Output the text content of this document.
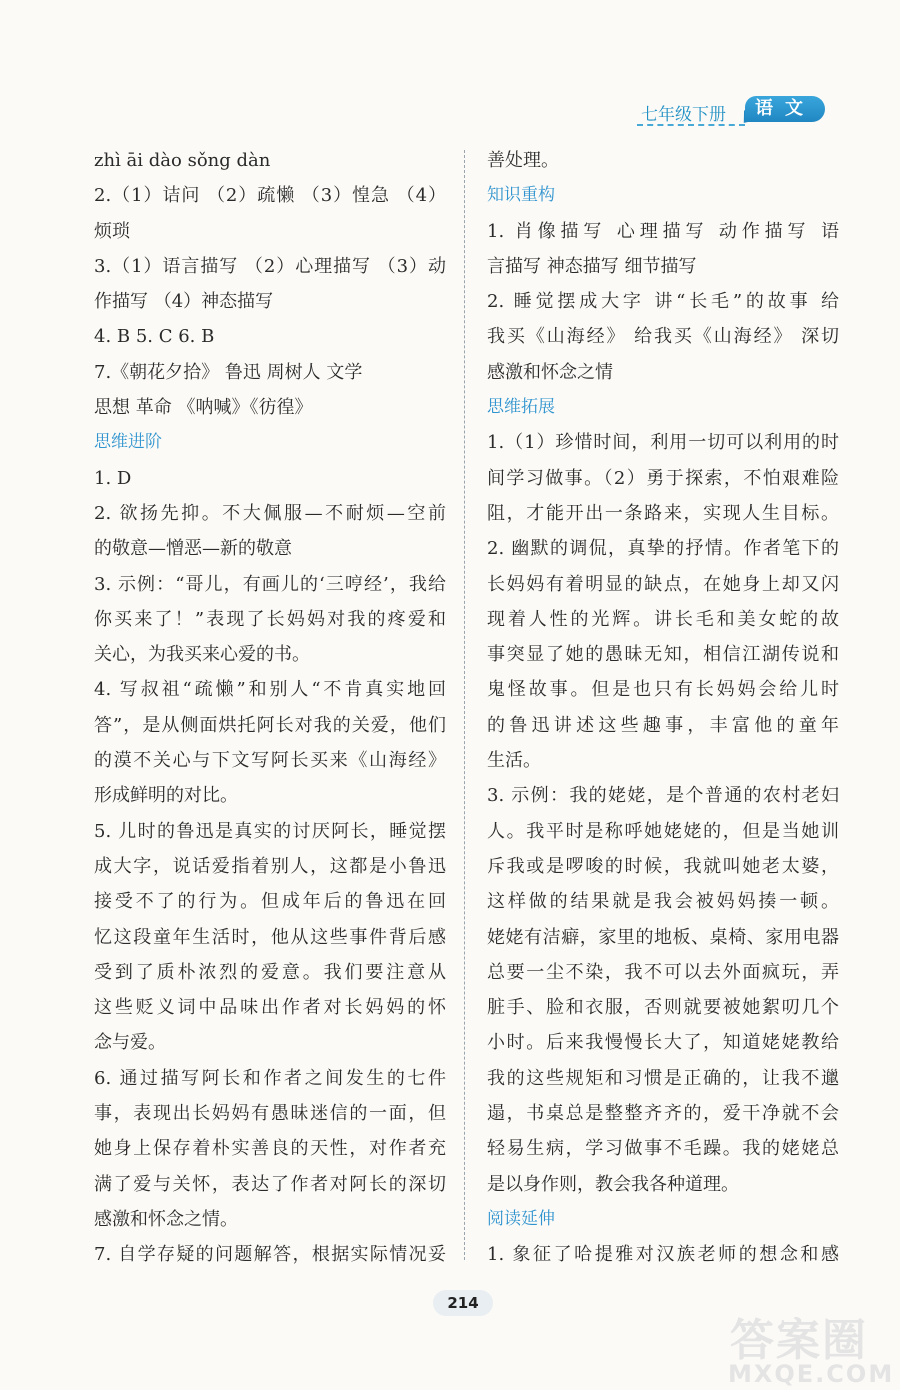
七年级下册	语文
zhì āi dào sǒng dàn
2.（1）诘问 （2）疏懒 （3）惶急 （4）
烦琐
3.（1）语言描写 （2）心理描写 （3）动
作描写 （4）神态描写
4. B 5. C 6. B
7.《朝花夕拾》 鲁迅 周树人 文学
思想 革命 《呐喊》《彷徨》
思维进阶
1. D
2. 欲扬先抑。不大佩服—不耐烦—空前
的敬意—憎恶—新的敬意
3. 示例：“哥儿，有画儿的‘三哼经’，我给
你买来了！”表现了长妈妈对我的疼爱和
关心，为我买来心爱的书。
4. 写叔祖“疏懒”和别人“不肯真实地回
答”，是从侧面烘托阿长对我的关爱，他们
的漠不关心与下文写阿长买来《山海经》
形成鲜明的对比。
5. 儿时的鲁迅是真实的讨厌阿长，睡觉摆
成大字，说话爱指着别人，这都是小鲁迅
接受不了的行为。但成年后的鲁迅在回
忆这段童年生活时，他从这些事件背后感
受到了质朴浓烈的爱意。我们要注意从
这些贬义词中品味出作者对长妈妈的怀
念与爱。
6. 通过描写阿长和作者之间发生的七件
事，表现出长妈妈有愚昧迷信的一面，但
她身上保存着朴实善良的天性，对作者充
满了爱与关怀，表达了作者对阿长的深切
感激和怀念之情。
7. 自学存疑的问题解答，根据实际情况妥
善处理。
知识重构
1. 肖像描写 心理描写 动作描写 语
言描写 神态描写 细节描写
2. 睡觉摆成大字 讲“长毛”的故事 给
我买《山海经》 给我买《山海经》 深切
感激和怀念之情
思维拓展
1.（1）珍惜时间，利用一切可以利用的时
间学习做事。（2）勇于探索，不怕艰难险
阻，才能开出一条路来，实现人生目标。
2. 幽默的调侃，真挚的抒情。作者笔下的
长妈妈有着明显的缺点，在她身上却又闪
现着人性的光辉。讲长毛和美女蛇的故
事突显了她的愚昧无知，相信江湖传说和
鬼怪故事。但是也只有长妈妈会给儿时
的鲁迅讲述这些趣事，丰富他的童年
生活。
3. 示例：我的姥姥，是个普通的农村老妇
人。我平时是称呼她姥姥的，但是当她训
斥我或是啰唆的时候，我就叫她老太婆，
这样做的结果就是我会被妈妈揍一顿。
姥姥有洁癖，家里的地板、桌椅、家用电器
总要一尘不染，我不可以去外面疯玩，弄
脏手、脸和衣服，否则就要被她絮叨几个
小时。后来我慢慢长大了，知道姥姥教给
我的这些规矩和习惯是正确的，让我不邋
遢，书桌总是整整齐齐的，爱干净就不会
轻易生病，学习做事不毛躁。我的姥姥总
是以身作则，教会我各种道理。
阅读延伸
1. 象征了哈提雅对汉族老师的想念和感
214
答案圈
MXQE.COM
